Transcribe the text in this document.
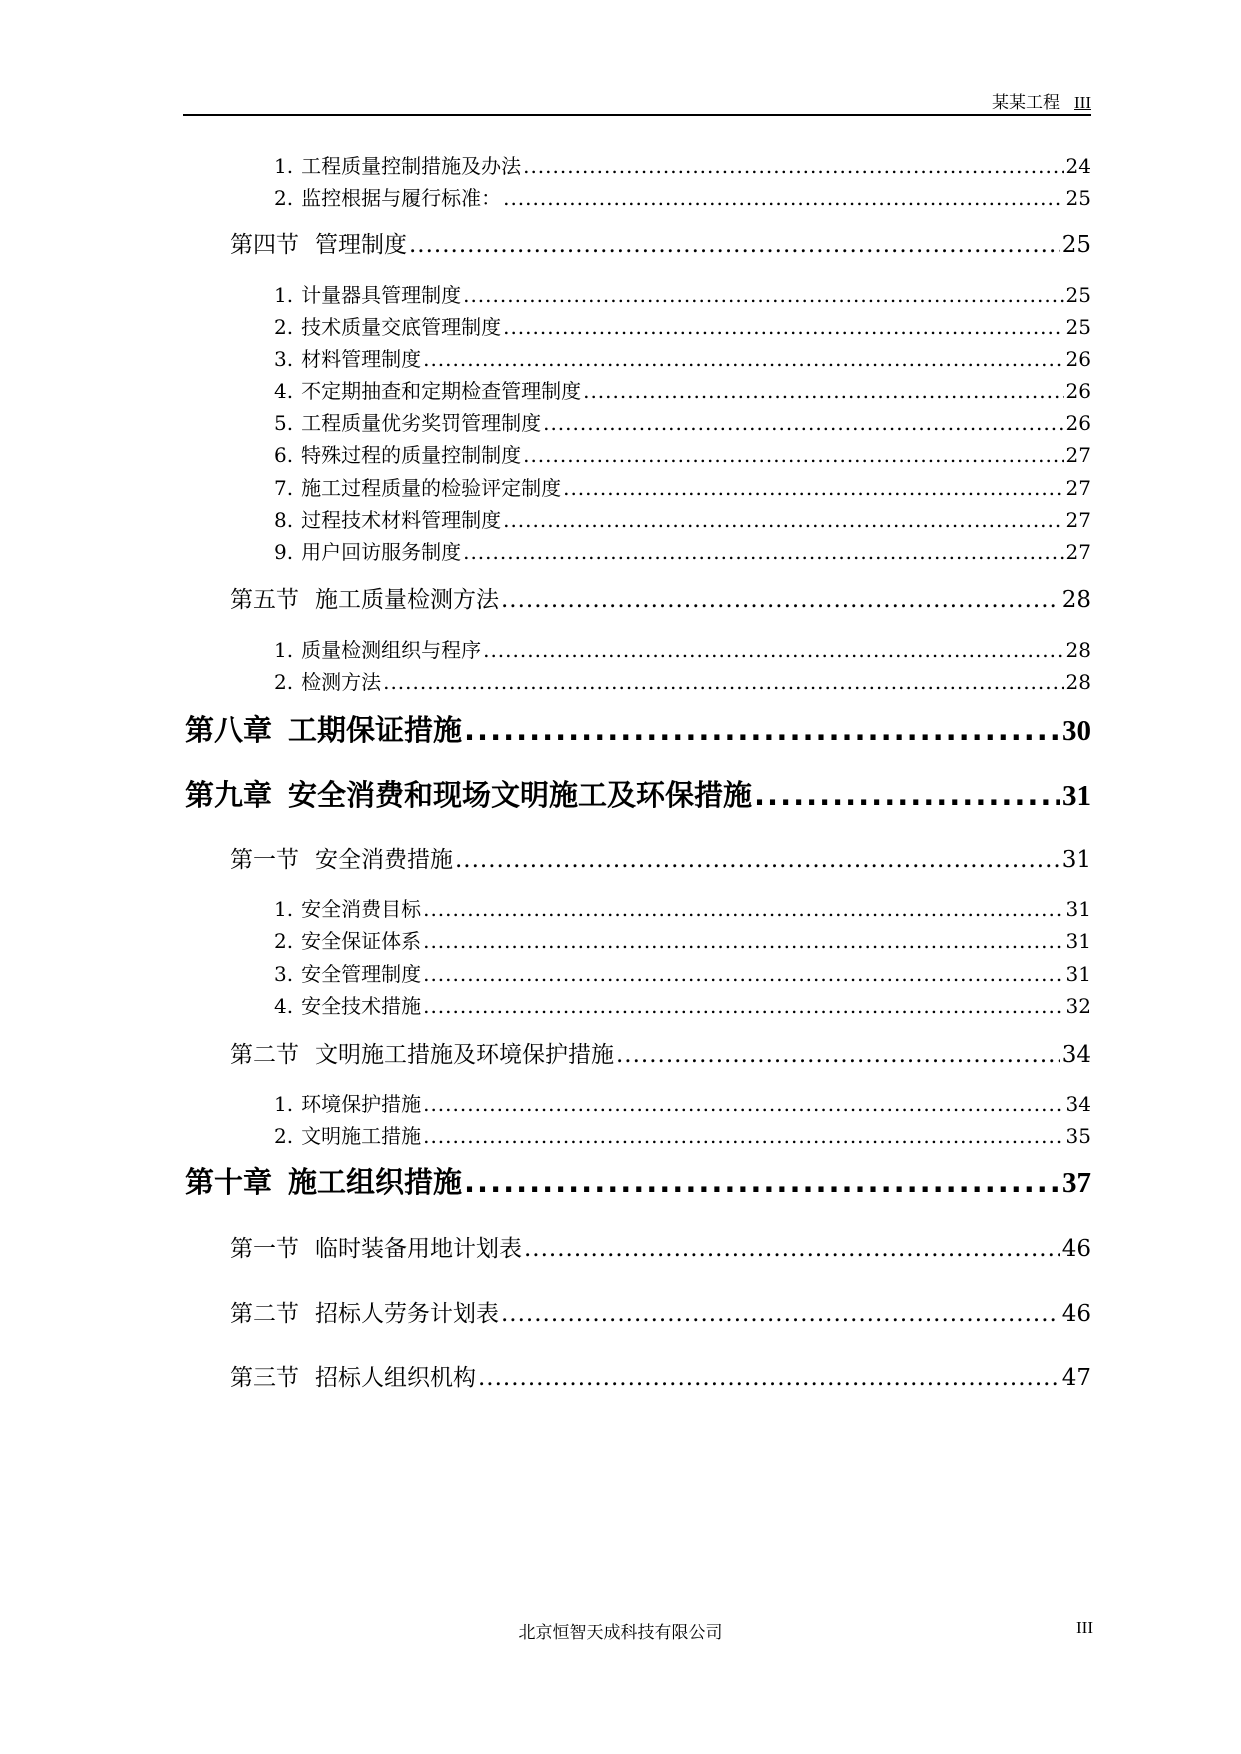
某某工程 III
1. 工程质量控制措施及办法 .....	24
2. 监控根据与履行标准： .....	25
第四节 管理制度 .....	25
1. 计量器具管理制度 .....	25
2. 技术质量交底管理制度 .....	25
3. 材料管理制度 .....	26
4. 不定期抽查和定期检查管理制度 .....	26
5. 工程质量优劣奖罚管理制度 .....	26
6. 特殊过程的质量控制制度 .....	27
7. 施工过程质量的检验评定制度 .....	27
8. 过程技术材料管理制度 .....	27
9. 用户回访服务制度 .....	27
第五节 施工质量检测方法 .....	28
1. 质量检测组织与程序 .....	28
2. 检测方法 .....	28
第八章 工期保证措施 .....	30
第九章 安全消费和现场文明施工及环保措施 .....	31
第一节 安全消费措施 .....	31
1. 安全消费目标 .....	31
2. 安全保证体系 .....	31
3. 安全管理制度 .....	31
4. 安全技术措施 .....	32
第二节 文明施工措施及环境保护措施 .....	34
1. 环境保护措施 .....	34
2. 文明施工措施 .....	35
第十章 施工组织措施 .....	37
第一节 临时装备用地计划表 .....	46
第二节 招标人劳务计划表 .....	46
第三节 招标人组织机构 .....	47
北京恒智天成科技有限公司	III
